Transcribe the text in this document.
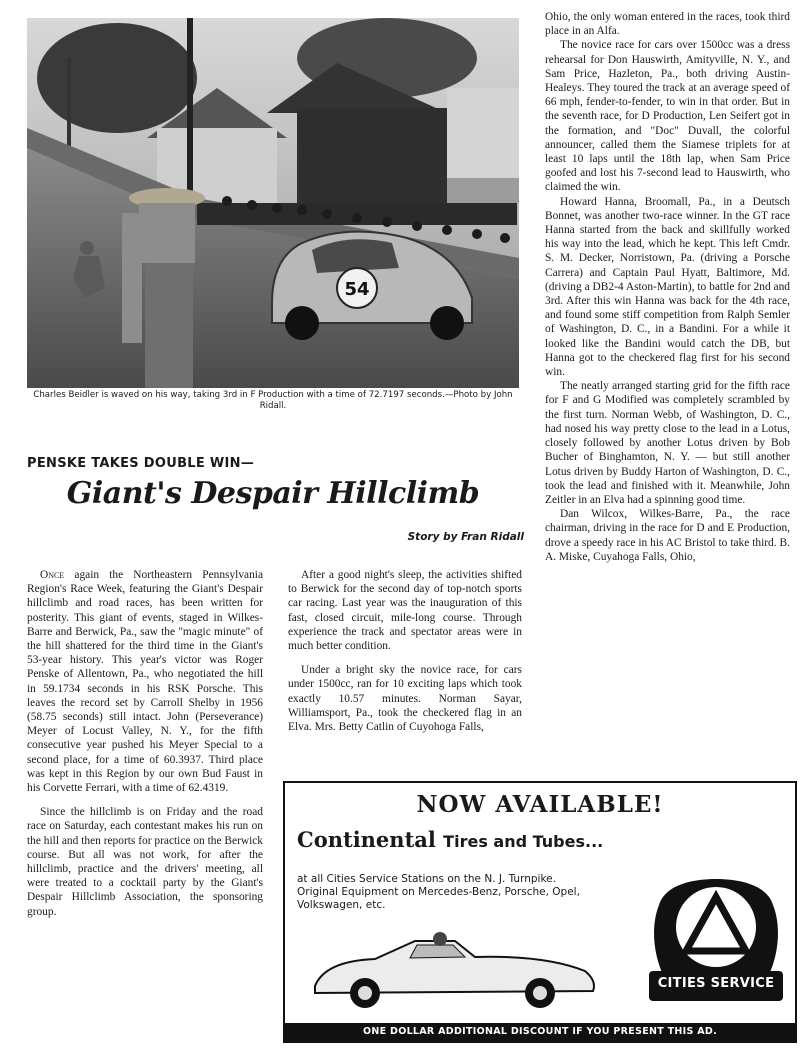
54
Charles Beidler is waved on his way, taking 3rd in F Production with a time of 72.7197 seconds.—Photo by John Ridall.
PENSKE TAKES DOUBLE WIN—
Giant's Despair Hillclimb
Story by Fran Ridall

Once again the Northeastern Pennsylvania Region's Race Week, featuring the Giant's Despair hillclimb and road races, has been written for posterity. This giant of events, staged in Wilkes-Barre and Berwick, Pa., saw the "magic minute" of the hill shattered for the third time in the Giant's 53-year history. This year's victor was Roger Penske of Allentown, Pa., who negotiated the hill in 59.1734 seconds in his RSK Porsche. This leaves the record set by Carroll Shelby in 1956 (58.75 seconds) still intact. John (Perseverance) Meyer of Locust Valley, N. Y., for the fifth consecutive year pushed his Meyer Special to a second place, for a time of 60.3937. Third place was kept in this Region by our own Bud Faust in his Corvette Ferrari, with a time of 62.4319.

Since the hillclimb is on Friday and the road race on Saturday, each contestant makes his run on the hill and then reports for practice on the Berwick course. But all was not work, for after the hillclimb, practice and the drivers' meeting, all were treated to a cocktail party by the Giant's Despair Hillclimb Association, the sponsoring group.

After a good night's sleep, the activities shifted to Berwick for the second day of top-notch sports car racing. Last year was the inauguration of this fast, closed circuit, mile-long course. Through experience the track and spectator areas were in much better condition.

Under a bright sky the novice race, for cars under 1500cc, ran for 10 exciting laps which took exactly 10.57 minutes. Norman Sayar, Williamsport, Pa., took the checkered flag in an Elva. Mrs. Betty Catlin of Cuyohoga Falls,

Ohio, the only woman entered in the races, took third place in an Alfa.

The novice race for cars over 1500cc was a dress rehearsal for Don Hauswirth, Amityville, N. Y., and Sam Price, Hazleton, Pa., both driving Austin-Healeys. They toured the track at an average speed of 66 mph, fender-to-fender, to win in that order. But in the seventh race, for D Production, Len Seifert got in the formation, and "Doc" Duvall, the colorful announcer, called them the Siamese triplets for at least 10 laps until the 18th lap, when Sam Price goofed and lost his 7-second lead to Hauswirth, who claimed the win.

Howard Hanna, Broomall, Pa., in a Deutsch Bonnet, was another two-race winner. In the GT race Hanna started from the back and skillfully worked his way into the lead, which he kept. This left Cmdr. S. M. Decker, Norristown, Pa. (driving a Porsche Carrera) and Captain Paul Hyatt, Baltimore, Md. (driving a DB2-4 Aston-Martin), to battle for 2nd and 3rd. After this win Hanna was back for the 4th race, and found some stiff competition from Ralph Semler of Washington, D. C., in a Bandini. For a while it looked like the Bandini would catch the DB, but Hanna got to the checkered flag first for his second win.

The neatly arranged starting grid for the fifth race for F and G Modified was completely scrambled by the first turn. Norman Webb, of Washington, D. C., had nosed his way pretty close to the lead in a Lotus, closely followed by another Lotus driven by Bob Bucher of Binghamton, N. Y. — but still another Lotus driven by Buddy Harton of Washington, D. C., took the lead and finished with it. Meanwhile, John Zeitler in an Elva had a spinning good time.

Dan Wilcox, Wilkes-Barre, Pa., the race chairman, driving in the race for D and E Production, drove a speedy race in his AC Bristol to take third. B. A. Miske, Cuyahoga Falls, Ohio,

NOW AVAILABLE!
Continental Tires and Tubes...
at all Cities Service Stations on the N. J. Turnpike.
Original Equipment on Mercedes-Benz, Porsche, Opel,
Volkswagen, etc.
CITIES SERVICE
ONE DOLLAR ADDITIONAL DISCOUNT IF YOU PRESENT THIS AD.
